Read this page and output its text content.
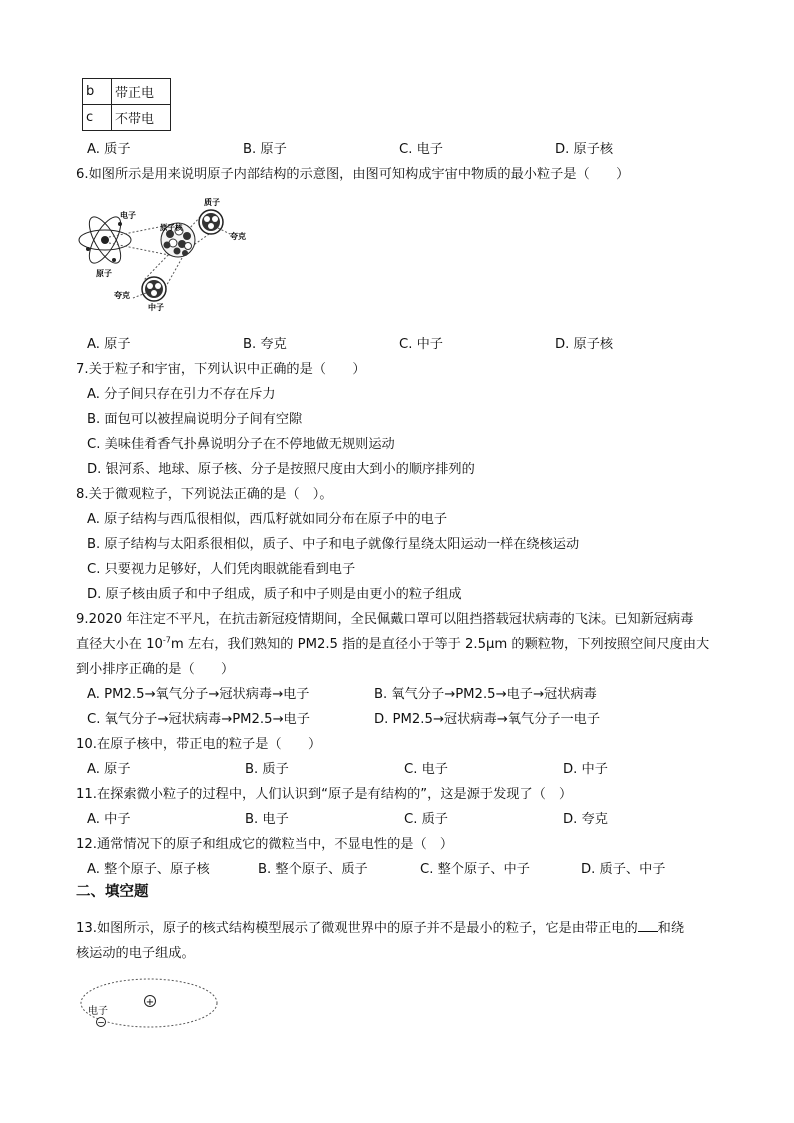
b	带正电
c	不带电
A. 质子	B. 原子	C. 电子	D. 原子核
6.如图所示是用来说明原子内部结构的示意图，由图可知构成宇宙中物质的最小粒子是（　　）
电子
质子
原子核
夸克
原子
夸克
中子
A. 原子	B. 夸克	C. 中子	D. 原子核
7.关于粒子和宇宙，下列认识中正确的是（　　）
A. 分子间只存在引力不存在斥力
B. 面包可以被捏扁说明分子间有空隙
C. 美味佳肴香气扑鼻说明分子在不停地做无规则运动
D. 银河系、地球、原子核、分子是按照尺度由大到小的顺序排列的
8.关于微观粒子，下列说法正确的是（　）。
A. 原子结构与西瓜很相似，西瓜籽就如同分布在原子中的电子
B. 原子结构与太阳系很相似，质子、中子和电子就像行星绕太阳运动一样在绕核运动
C. 只要视力足够好，人们凭肉眼就能看到电子
D. 原子核由质子和中子组成，质子和中子则是由更小的粒子组成
9.2020 年注定不平凡，在抗击新冠疫情期间，全民佩戴口罩可以阻挡搭载冠状病毒的飞沫。已知新冠病毒
直径大小在 $10^{-7}m$ 左右，我们熟知的 PM2.5 指的是直径小于等于 2.5μm 的颗粒物，下列按照空间尺度由大
到小排序正确的是（　　）
A. PM2.5→氧气分子→冠状病毒→电子	B. 氧气分子→PM2.5→电子→冠状病毒
C. 氧气分子→冠状病毒→PM2.5→电子	D. PM2.5→冠状病毒→氧气分子一电子
10.在原子核中，带正电的粒子是（　　）
A. 原子	B. 质子	C. 电子	D. 中子
11.在探索微小粒子的过程中，人们认识到“原子是有结构的”，这是源于发现了（　）
A. 中子	B. 电子	C. 质子	D. 夸克
12.通常情况下的原子和组成它的微粒当中，不显电性的是（　）
A. 整个原子、原子核	B. 整个原子、质子	C. 整个原子、中子	D. 质子、中子
二、填空题
13.如图所示，原子的核式结构模型展示了微观世界中的原子并不是最小的粒子，它是由带正电的 和绕
核运动的电子组成。
+
−
电子
